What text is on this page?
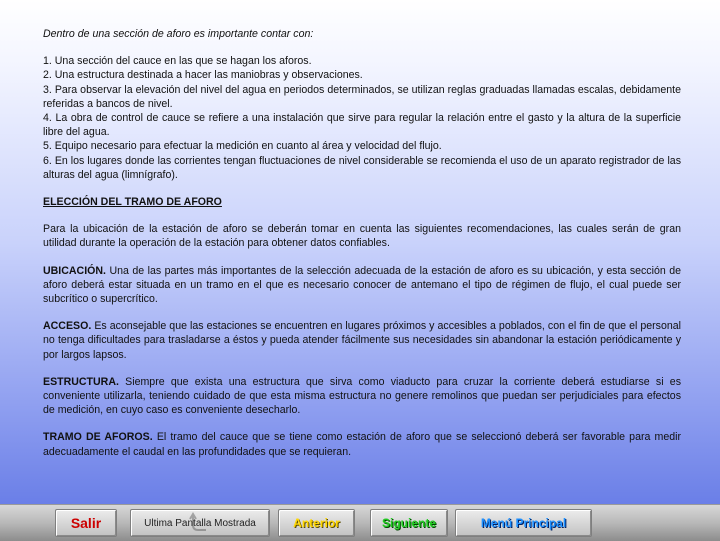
Dentro de una sección de aforo es importante contar con:
1. Una sección del cauce en las que se hagan los aforos.
2. Una estructura destinada a hacer las maniobras y observaciones.
3. Para observar la elevación del nivel del agua en periodos determinados, se utilizan reglas graduadas llamadas escalas, debidamente referidas a bancos de nivel.
4. La obra de control de cauce se refiere a una instalación que sirve para regular la relación entre el gasto y la altura de la superficie libre del agua.
5. Equipo necesario para efectuar la medición en cuanto al área y velocidad del flujo.
6. En los lugares donde las corrientes tengan fluctuaciones de nivel considerable se recomienda el uso de un aparato registrador de las alturas del agua (limnígrafo).
ELECCIÓN DEL TRAMO DE AFORO

Para la ubicación de la estación de aforo se deberán tomar en cuenta las siguientes recomendaciones, las cuales serán de gran utilidad durante la operación de la estación para obtener datos confiables.

UBICACIÓN. Una de las partes más importantes de la selección adecuada de la estación de aforo es su ubicación, y esta sección de aforo deberá estar situada en un tramo en el que es necesario conocer de antemano el tipo de régimen de flujo, el cual puede ser subcrítico o supercrítico.

ACCESO. Es aconsejable que las estaciones se encuentren en lugares próximos y accesibles a poblados, con el fin de que el personal no tenga dificultades para trasladarse a éstos y pueda atender fácilmente sus necesidades sin abandonar la estación periódicamente y por largos lapsos.

ESTRUCTURA. Siempre que exista una estructura que sirva como viaducto para cruzar la corriente deberá estudiarse si es conveniente utilizarla, teniendo cuidado de que esta misma estructura no genere remolinos que puedan ser perjudiciales para efectos de medición, en cuyo caso es conveniente desecharlo.

TRAMO DE AFOROS. El tramo del cauce que se tiene como estación de aforo que se seleccionó deberá ser favorable para medir adecuadamente el caudal en las profundidades que se requieran.

Salir	Ultima Pantalla Mostrada	Anterior	Siguiente	Menú Principal
